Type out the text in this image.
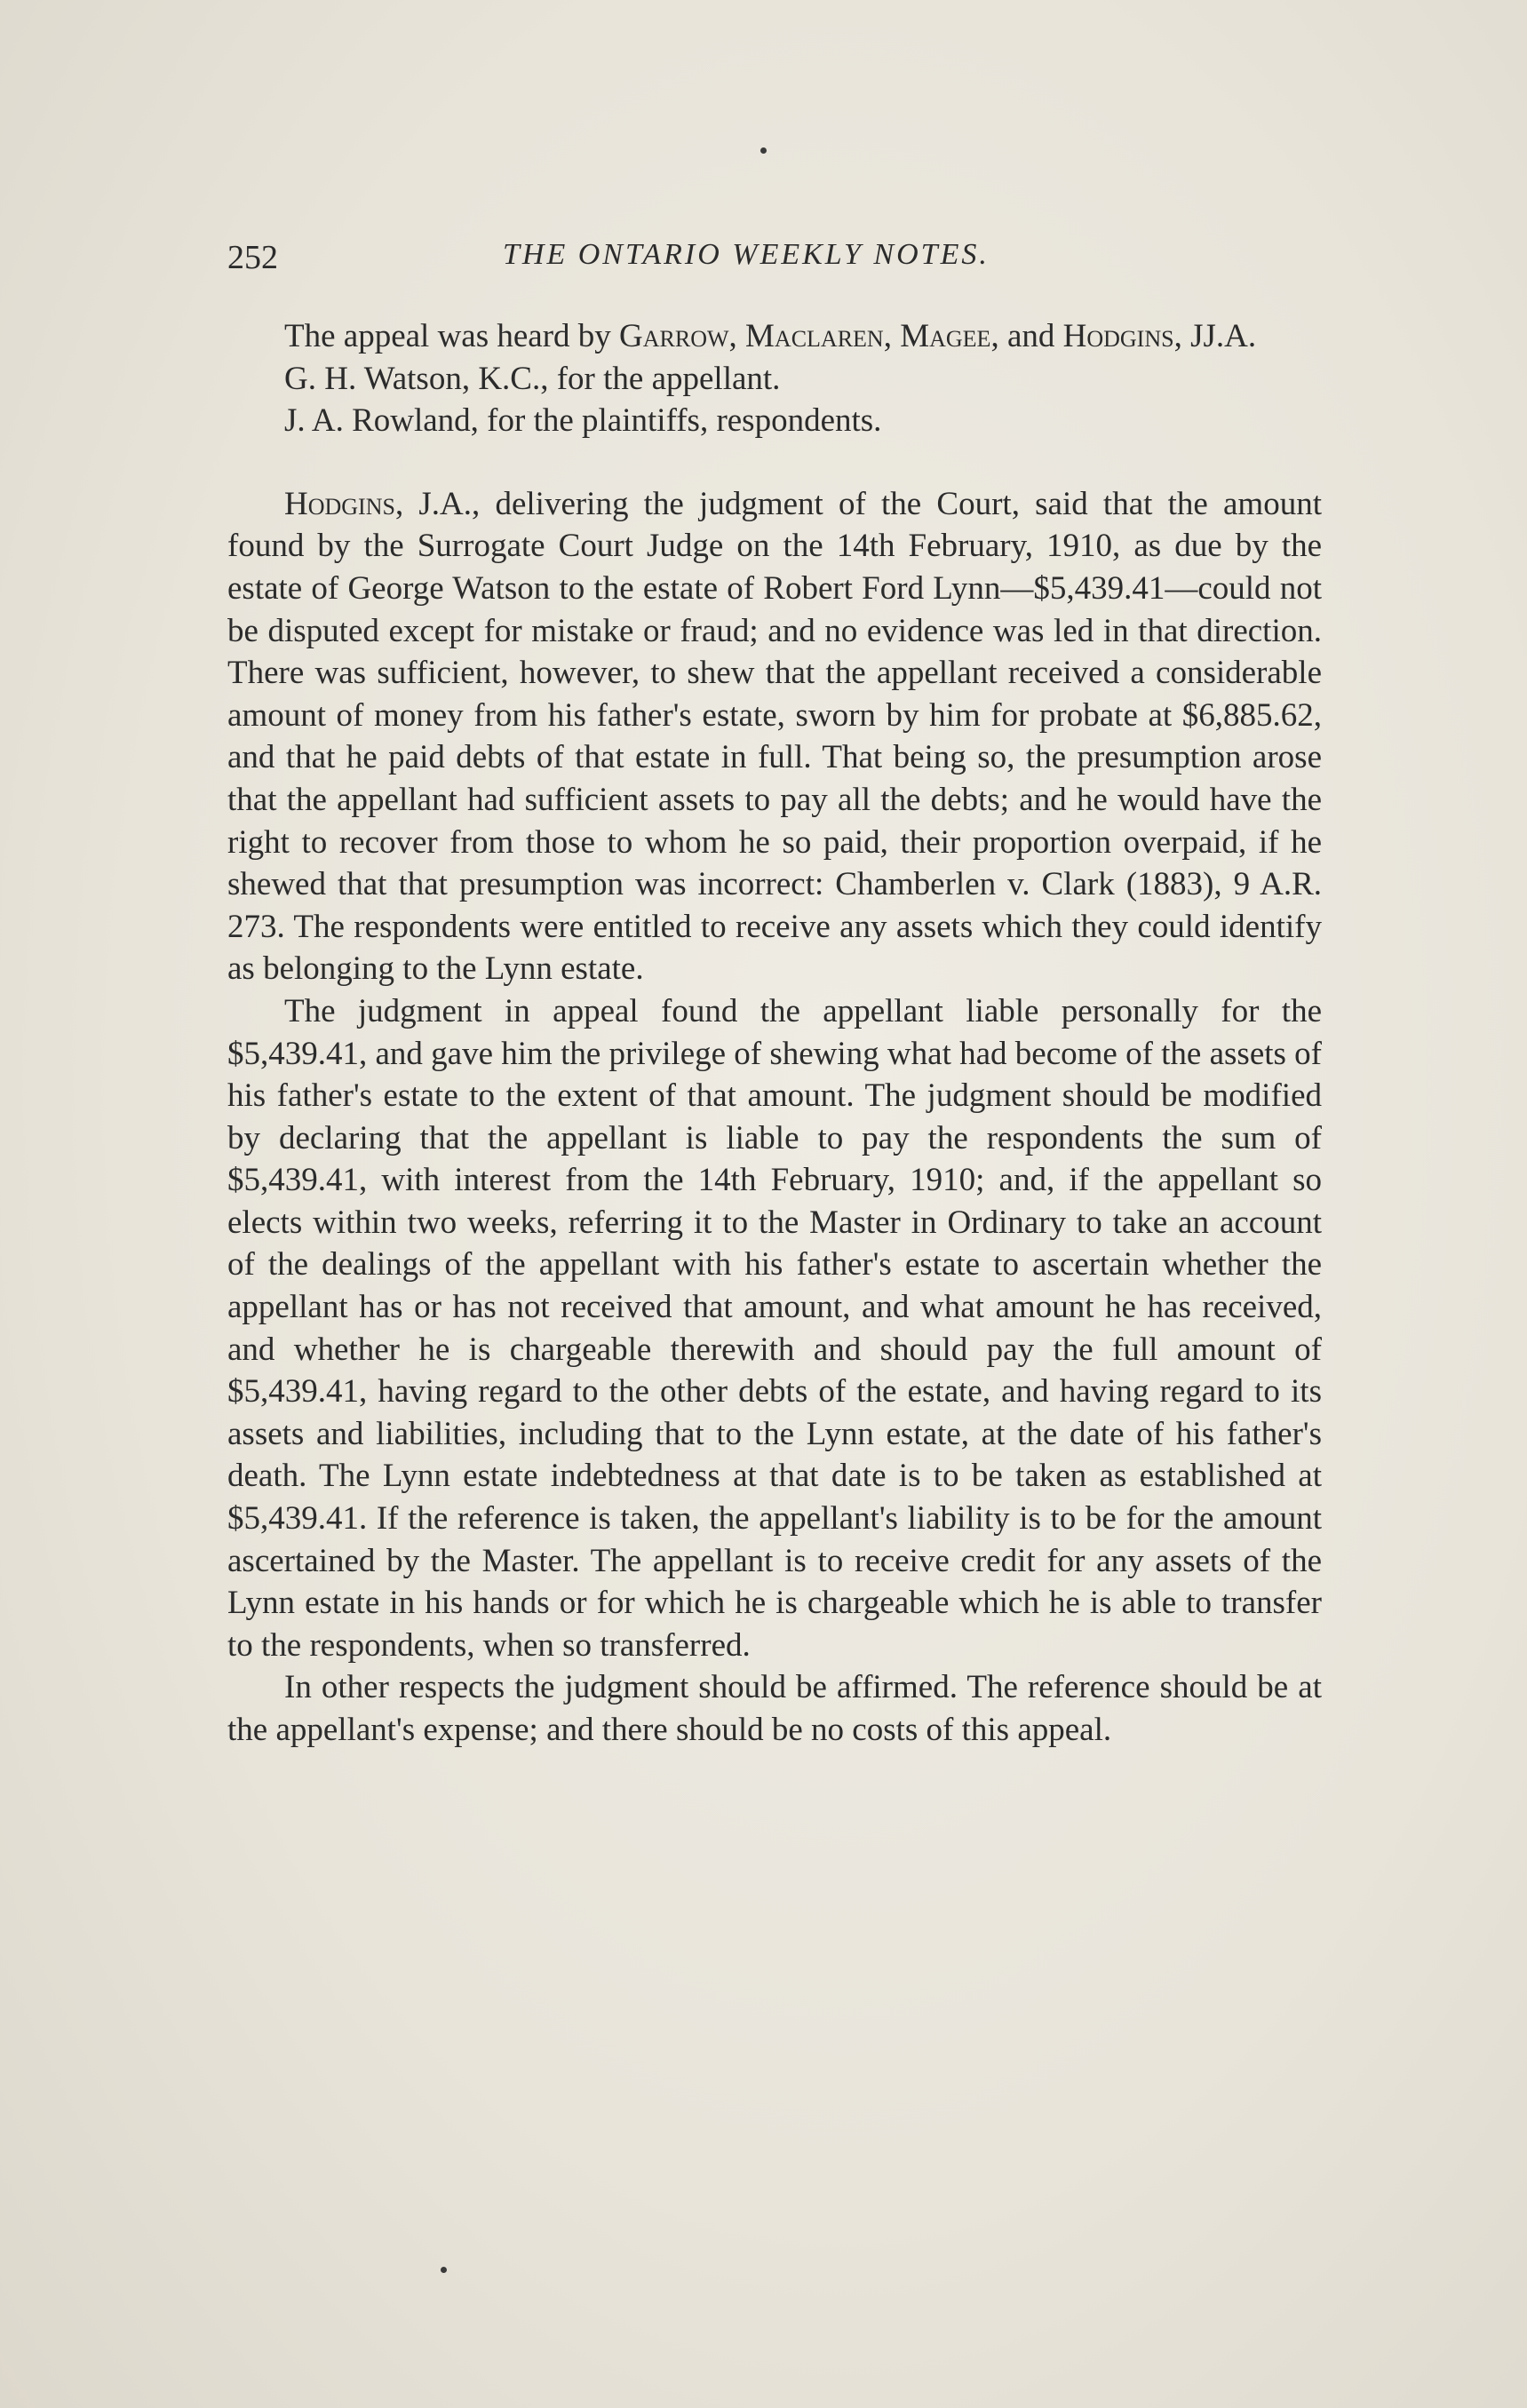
252	THE ONTARIO WEEKLY NOTES.

The appeal was heard by Garrow, Maclaren, Magee, and Hodgins, JJ.A.

G. H. Watson, K.C., for the appellant.

J. A. Rowland, for the plaintiffs, respondents.

Hodgins, J.A., delivering the judgment of the Court, said that the amount found by the Surrogate Court Judge on the 14th February, 1910, as due by the estate of George Watson to the estate of Robert Ford Lynn—$5,439.41—could not be disputed except for mistake or fraud; and no evidence was led in that direction. There was sufficient, however, to shew that the appellant received a considerable amount of money from his father's estate, sworn by him for probate at $6,885.62, and that he paid debts of that estate in full. That being so, the presumption arose that the appellant had sufficient assets to pay all the debts; and he would have the right to recover from those to whom he so paid, their proportion overpaid, if he shewed that that presumption was incorrect: Chamberlen v. Clark (1883), 9 A.R. 273. The respondents were entitled to receive any assets which they could identify as belonging to the Lynn estate.

The judgment in appeal found the appellant liable personally for the $5,439.41, and gave him the privilege of shewing what had become of the assets of his father's estate to the extent of that amount. The judgment should be modified by declaring that the appellant is liable to pay the respondents the sum of $5,439.41, with interest from the 14th February, 1910; and, if the appellant so elects within two weeks, referring it to the Master in Ordinary to take an account of the dealings of the appellant with his father's estate to ascertain whether the appellant has or has not received that amount, and what amount he has received, and whether he is chargeable therewith and should pay the full amount of $5,439.41, having regard to the other debts of the estate, and having regard to its assets and liabilities, including that to the Lynn estate, at the date of his father's death. The Lynn estate indebtedness at that date is to be taken as established at $5,439.41. If the reference is taken, the appellant's liability is to be for the amount ascertained by the Master. The appellant is to receive credit for any assets of the Lynn estate in his hands or for which he is chargeable which he is able to transfer to the respondents, when so transferred.

In other respects the judgment should be affirmed. The reference should be at the appellant's expense; and there should be no costs of this appeal.
